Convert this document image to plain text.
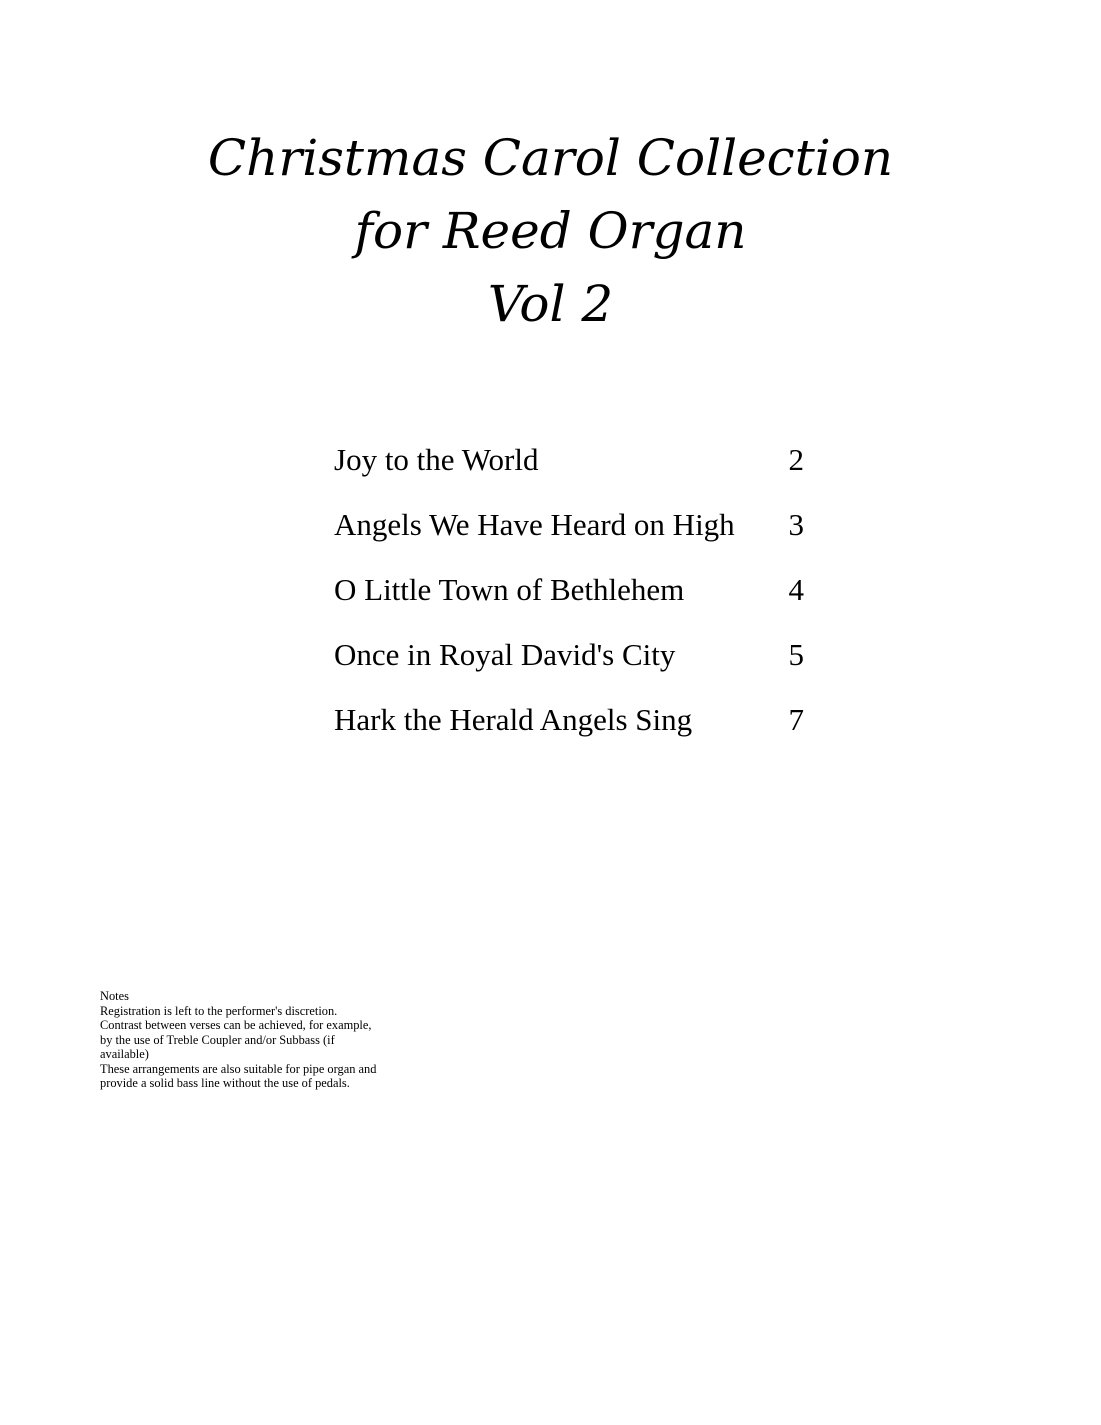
Christmas Carol Collection
for Reed Organ
Vol 2
Joy to the World	2
Angels We Have Heard on High 3
O Little Town of Bethlehem	4
Once in Royal David's City	5
Hark the Herald Angels Sing	7
Notes
Registration is left to the performer's discretion.
Contrast between verses can be achieved, for example,
by the use of Treble Coupler and/or Subbass (if
available)
These arrangements are also suitable for pipe organ and
provide a solid bass line without the use of pedals.
